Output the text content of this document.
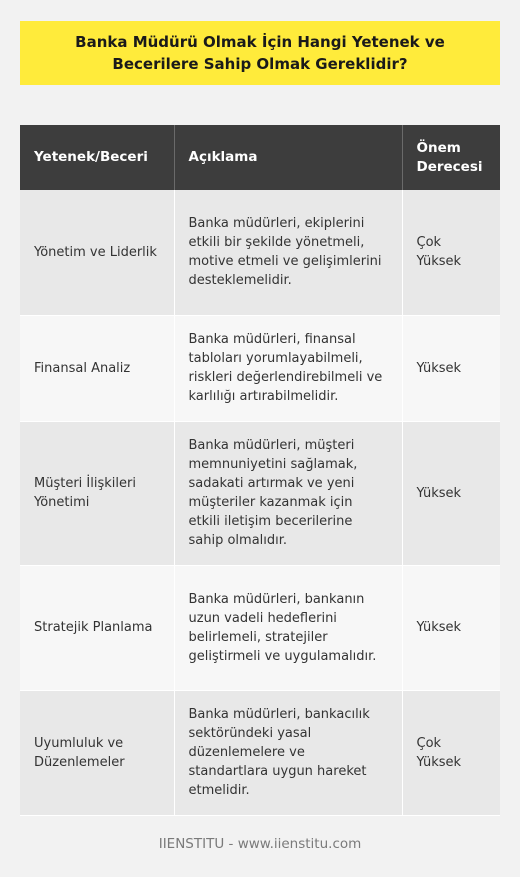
Banka Müdürü Olmak İçin Hangi Yetenek ve Becerilere Sahip Olmak Gereklidir?
Yetenek/Beceri	Açıklama	Önem Derecesi
Yönetim ve Liderlik	Banka müdürleri, ekiplerini etkili bir şekilde yönetmeli, motive etmeli ve gelişimlerini desteklemelidir.	Çok Yüksek
Finansal Analiz	Banka müdürleri, finansal tabloları yorumlayabilmeli, riskleri değerlendirebilmeli ve karlılığı artırabilmelidir.	Yüksek
Müşteri İlişkileri Yönetimi	Banka müdürleri, müşteri memnuniyetini sağlamak, sadakati artırmak ve yeni müşteriler kazanmak için etkili iletişim becerilerine sahip olmalıdır.	Yüksek
Stratejik Planlama	Banka müdürleri, bankanın uzun vadeli hedeflerini belirlemeli, stratejiler geliştirmeli ve uygulamalıdır.	Yüksek
Uyumluluk ve Düzenlemeler	Banka müdürleri, bankacılık sektöründeki yasal düzenlemelere ve standartlara uygun hareket etmelidir.	Çok Yüksek
IIENSTITU - www.iienstitu.com
